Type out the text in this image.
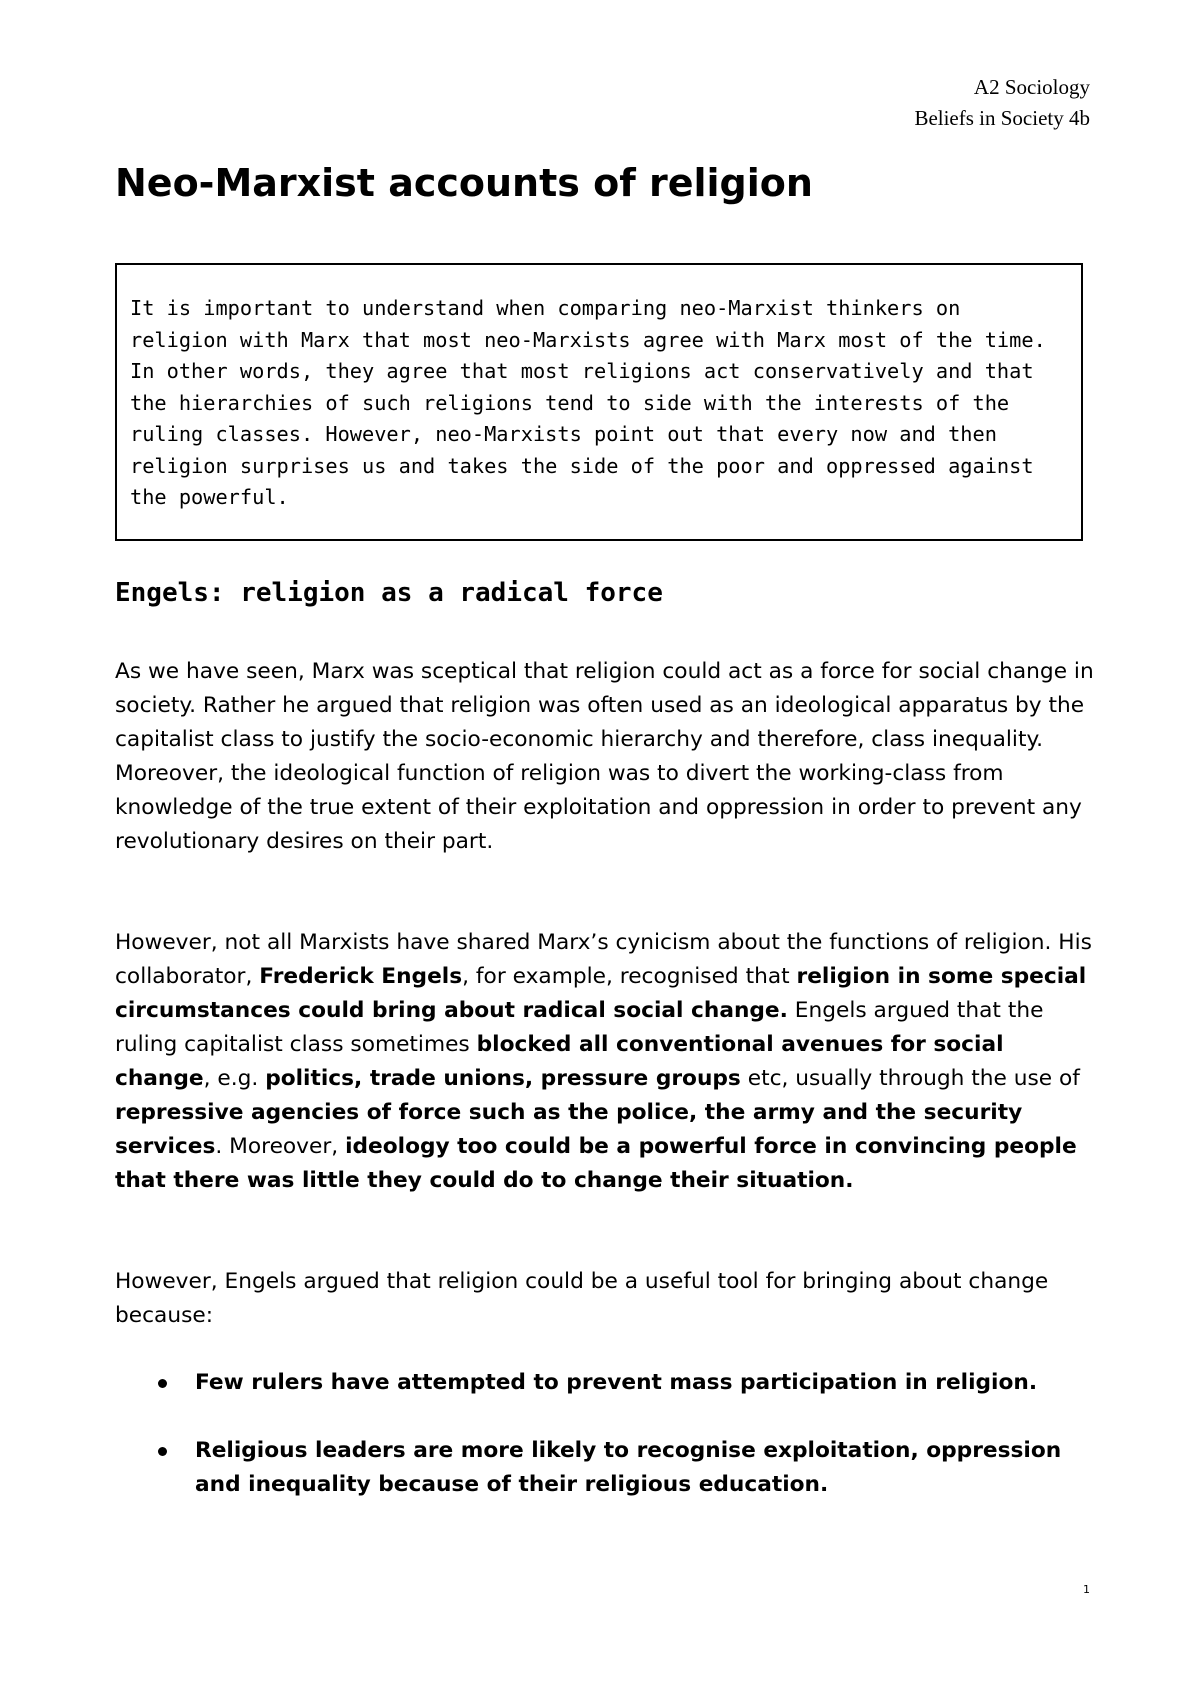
A2 Sociology
Beliefs in Society 4b
Neo-Marxist accounts of religion

It is important to understand when comparing neo-Marxist thinkers on religion with Marx that most neo-Marxists agree with Marx most of the time. In other words, they agree that most religions act conservatively and that the hierarchies of such religions tend to side with the interests of the ruling classes. However, neo-Marxists point out that every now and then religion surprises us and takes the side of the poor and oppressed against the powerful.

Engels: religion as a radical force

As we have seen, Marx was sceptical that religion could act as a force for social change in society. Rather he argued that religion was often used as an ideological apparatus by the capitalist class to justify the socio-economic hierarchy and therefore, class inequality. Moreover, the ideological function of religion was to divert the working-class from knowledge of the true extent of their exploitation and oppression in order to prevent any revolutionary desires on their part.

However, not all Marxists have shared Marx’s cynicism about the functions of religion. His collaborator, Frederick Engels, for example, recognised that religion in some special circumstances could bring about radical social change. Engels argued that the ruling capitalist class sometimes blocked all conventional avenues for social change, e.g. politics, trade unions, pressure groups etc, usually through the use of repressive agencies of force such as the police, the army and the security services. Moreover, ideology too could be a powerful force in convincing people that there was little they could do to change their situation.

However, Engels argued that religion could be a useful tool for bringing about change because:

Few rulers have attempted to prevent mass participation in religion.
Religious leaders are more likely to recognise exploitation, oppression and inequality because of their religious education.
1
